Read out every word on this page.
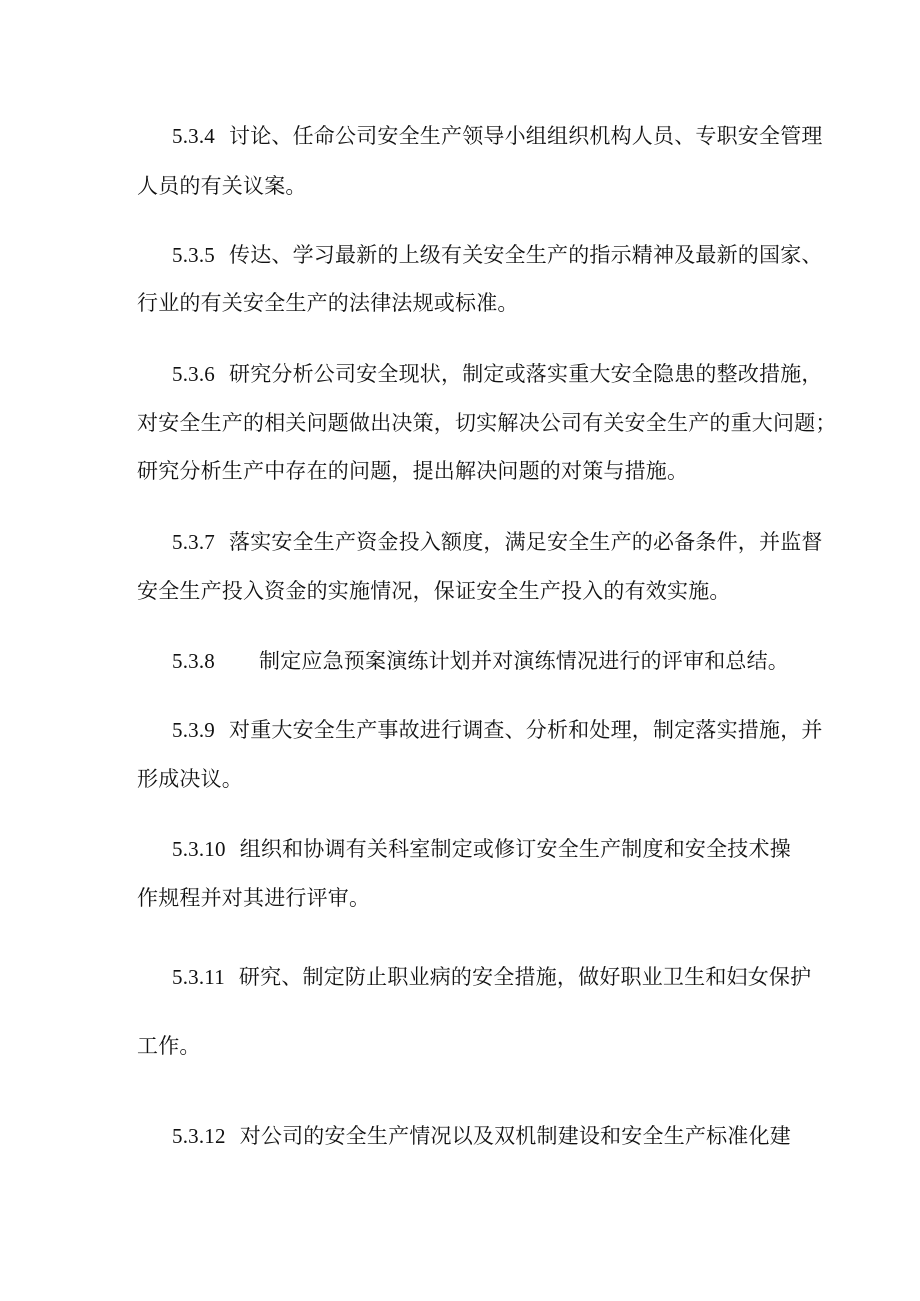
5.3.4 讨论、任命公司安全生产领导小组组织机构人员、专职安全管理
人员的有关议案。
5.3.5 传达、学习最新的上级有关安全生产的指示精神及最新的国家、
行业的有关安全生产的法律法规或标准。
5.3.6 研究分析公司安全现状，制定或落实重大安全隐患的整改措施，
对安全生产的相关问题做出决策，切实解决公司有关安全生产的重大问题；
研究分析生产中存在的问题，提出解决问题的对策与措施。
5.3.7 落实安全生产资金投入额度，满足安全生产的必备条件，并监督
安全生产投入资金的实施情况，保证安全生产投入的有效实施。
5.3.8 制定应急预案演练计划并对演练情况进行的评审和总结。
5.3.9 对重大安全生产事故进行调查、分析和处理，制定落实措施，并
形成决议。
5.3.10 组织和协调有关科室制定或修订安全生产制度和安全技术操
作规程并对其进行评审。
5.3.11 研究、制定防止职业病的安全措施，做好职业卫生和妇女保护
工作。
5.3.12 对公司的安全生产情况以及双机制建设和安全生产标准化建
